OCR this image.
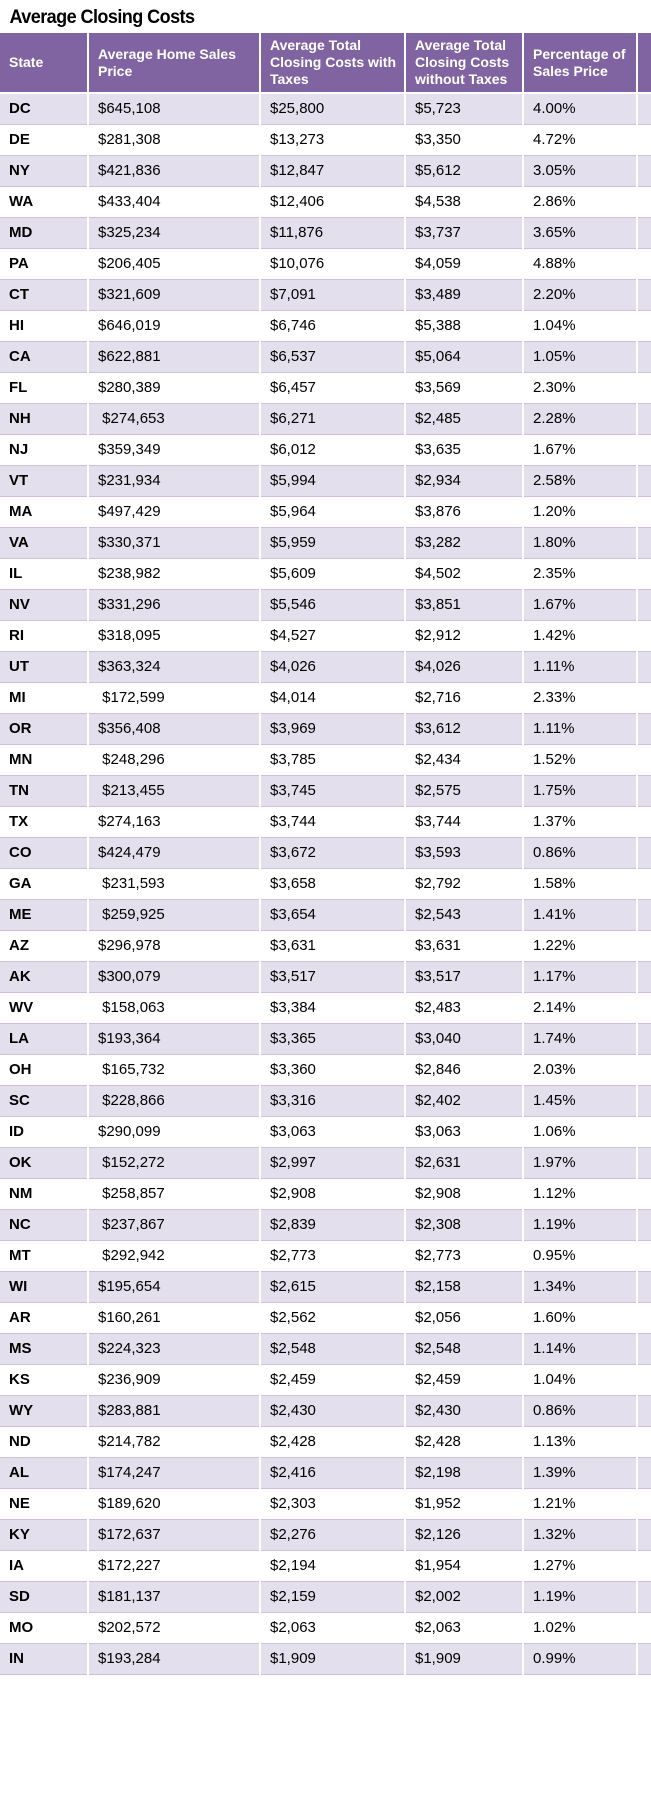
Average Closing Costs
State	Average Home Sales Price	Average Total Closing Costs with Taxes	Average Total Closing Costs without Taxes	Percentage of Sales Price	
DC	$645,108	$25,800	$5,723	4.00%	
DE	$281,308	$13,273	$3,350	4.72%	
NY	$421,836	$12,847	$5,612	3.05%	
WA	$433,404	$12,406	$4,538	2.86%	
MD	$325,234	$11,876	$3,737	3.65%	
PA	$206,405	$10,076	$4,059	4.88%	
CT	$321,609	$7,091	$3,489	2.20%	
HI	$646,019	$6,746	$5,388	1.04%	
CA	$622,881	$6,537	$5,064	1.05%	
FL	$280,389	$6,457	$3,569	2.30%	
NH	$274,653	$6,271	$2,485	2.28%	
NJ	$359,349	$6,012	$3,635	1.67%	
VT	$231,934	$5,994	$2,934	2.58%	
MA	$497,429	$5,964	$3,876	1.20%	
VA	$330,371	$5,959	$3,282	1.80%	
IL	$238,982	$5,609	$4,502	2.35%	
NV	$331,296	$5,546	$3,851	1.67%	
RI	$318,095	$4,527	$2,912	1.42%	
UT	$363,324	$4,026	$4,026	1.11%	
MI	$172,599	$4,014	$2,716	2.33%	
OR	$356,408	$3,969	$3,612	1.11%	
MN	$248,296	$3,785	$2,434	1.52%	
TN	$213,455	$3,745	$2,575	1.75%	
TX	$274,163	$3,744	$3,744	1.37%	
CO	$424,479	$3,672	$3,593	0.86%	
GA	$231,593	$3,658	$2,792	1.58%	
ME	$259,925	$3,654	$2,543	1.41%	
AZ	$296,978	$3,631	$3,631	1.22%	
AK	$300,079	$3,517	$3,517	1.17%	
WV	$158,063	$3,384	$2,483	2.14%	
LA	$193,364	$3,365	$3,040	1.74%	
OH	$165,732	$3,360	$2,846	2.03%	
SC	$228,866	$3,316	$2,402	1.45%	
ID	$290,099	$3,063	$3,063	1.06%	
OK	$152,272	$2,997	$2,631	1.97%	
NM	$258,857	$2,908	$2,908	1.12%	
NC	$237,867	$2,839	$2,308	1.19%	
MT	$292,942	$2,773	$2,773	0.95%	
WI	$195,654	$2,615	$2,158	1.34%	
AR	$160,261	$2,562	$2,056	1.60%	
MS	$224,323	$2,548	$2,548	1.14%	
KS	$236,909	$2,459	$2,459	1.04%	
WY	$283,881	$2,430	$2,430	0.86%	
ND	$214,782	$2,428	$2,428	1.13%	
AL	$174,247	$2,416	$2,198	1.39%	
NE	$189,620	$2,303	$1,952	1.21%	
KY	$172,637	$2,276	$2,126	1.32%	
IA	$172,227	$2,194	$1,954	1.27%	
SD	$181,137	$2,159	$2,002	1.19%	
MO	$202,572	$2,063	$2,063	1.02%	
IN	$193,284	$1,909	$1,909	0.99%	
